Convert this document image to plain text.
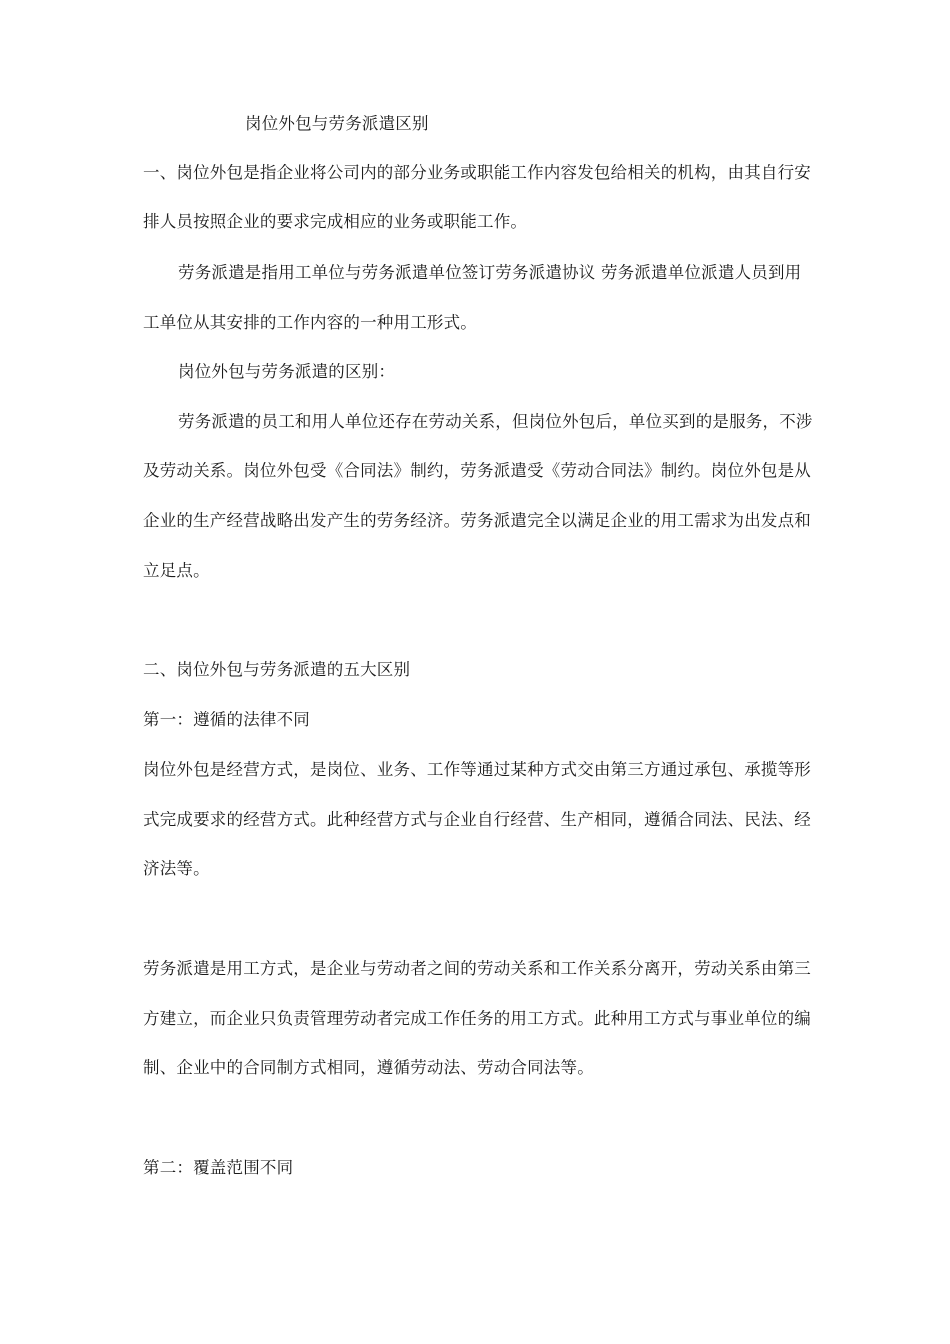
岗位外包与劳务派遣区别
一、岗位外包是指企业将公司内的部分业务或职能工作内容发包给相关的机构，由其自行安
排人员按照企业的要求完成相应的业务或职能工作。
劳务派遣是指用工单位与劳务派遣单位签订劳务派遣协议 劳务派遣单位派遣人员到用
工单位从其安排的工作内容的一种用工形式。
岗位外包与劳务派遣的区别：
劳务派遣的员工和用人单位还存在劳动关系，但岗位外包后，单位买到的是服务，不涉
及劳动关系。岗位外包受《合同法》制约，劳务派遣受《劳动合同法》制约。岗位外包是从
企业的生产经营战略出发产生的劳务经济。劳务派遣完全以满足企业的用工需求为出发点和
立足点。
二、岗位外包与劳务派遣的五大区别
第一：遵循的法律不同
岗位外包是经营方式，是岗位、业务、工作等通过某种方式交由第三方通过承包、承揽等形
式完成要求的经营方式。此种经营方式与企业自行经营、生产相同，遵循合同法、民法、经
济法等。
劳务派遣是用工方式，是企业与劳动者之间的劳动关系和工作关系分离开，劳动关系由第三
方建立，而企业只负责管理劳动者完成工作任务的用工方式。此种用工方式与事业单位的编
制、企业中的合同制方式相同，遵循劳动法、劳动合同法等。
第二：覆盖范围不同
